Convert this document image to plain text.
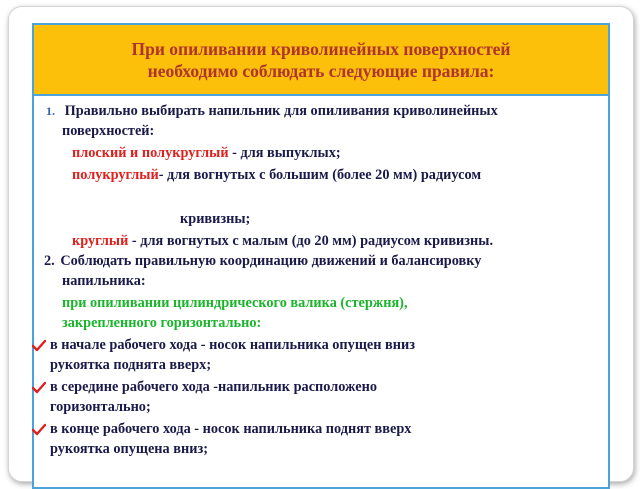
При опиливании криволинейных поверхностей
необходимо соблюдать следующие правила:
1. Правильно выбирать напильник для опиливания криволинейных
поверхностей:
плоский и полукруглый - для выпуклых;
полукруглый- для вогнутых с большим (более 20 мм) радиусом
кривизны;
круглый - для вогнутых с малым (до 20 мм) радиусом кривизны.
2. Соблюдать правильную координацию движений и балансировку
напильника:
при опиливании цилиндрического валика (стержня),
закрепленного горизонтально:
в начале рабочего хода - носок напильника опущен вниз
рукоятка поднята вверх;
в середине рабочего хода -напильник расположено
горизонтально;
в конце рабочего хода - носок напильника поднят вверх
рукоятка опущена вниз;
